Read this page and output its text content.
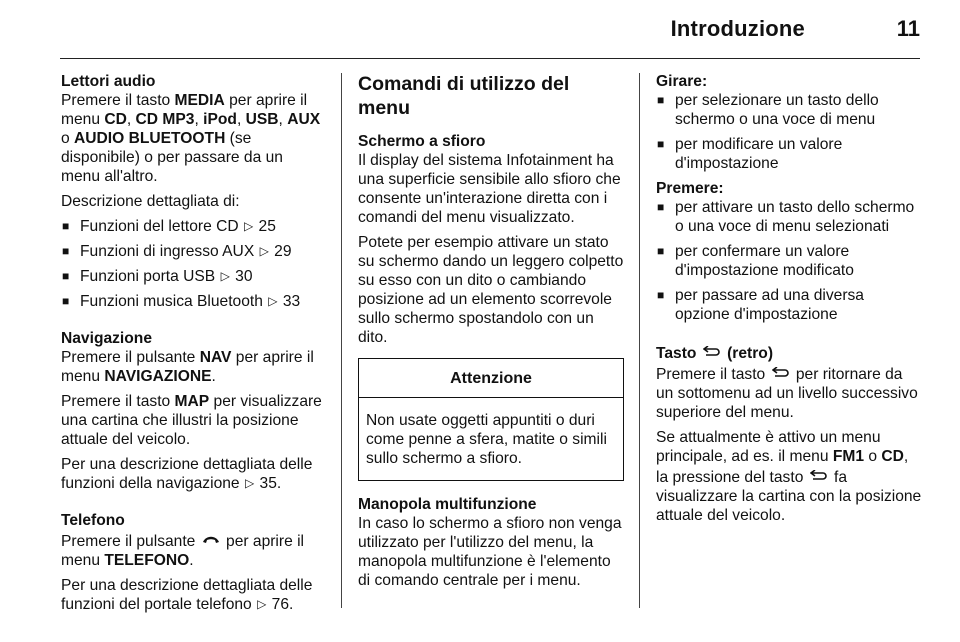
Introduzione	11
Lettori audio

Premere il tasto MEDIA per aprire il menu CD, CD MP3, iPod, USB, AUX o AUDIO BLUETOOTH (se disponibile) o per passare da un menu all'altro.

Descrizione dettagliata di:

■ Funzioni del lettore CD ▷ 25
■ Funzioni di ingresso AUX ▷ 29
■ Funzioni porta USB ▷ 30
■ Funzioni musica Bluetooth ▷ 33
Navigazione

Premere il pulsante NAV per aprire il menu NAVIGAZIONE.

Premere il tasto MAP per visualizzare una cartina che illustri la posizione attuale del veicolo.

Per una descrizione dettagliata delle funzioni della navigazione ▷ 35.

Telefono

Premere il pulsante  per aprire il menu TELEFONO.

Per una descrizione dettagliata delle funzioni del portale telefono ▷ 76.

Comandi di utilizzo del menu
Schermo a sfioro

Il display del sistema Infotainment ha una superficie sensibile allo sfioro che consente un'interazione diretta con i comandi del menu visualizzato.

Potete per esempio attivare un stato su schermo dando un leggero colpetto su esso con un dito o cambiando posizione ad un elemento scorrevole sullo schermo spostandolo con un dito.

Attenzione
Non usate oggetti appuntiti o duri come penne a sfera, matite o simili sullo schermo a sfioro.
Manopola multifunzione

In caso lo schermo a sfioro non venga utilizzato per l'utilizzo del menu, la manopola multifunzione è l'elemento di comando centrale per i menu.

Girare:
■ per selezionare un tasto dello schermo o una voce di menu
■ per modificare un valore d'impostazione
Premere:
■ per attivare un tasto dello schermo o una voce di menu selezionati
■ per confermare un valore d'impostazione modificato
■ per passare ad una diversa opzione d'impostazione
Tasto  (retro)

Premere il tasto  per ritornare da un sottomenu ad un livello successivo superiore del menu.

Se attualmente è attivo un menu principale, ad es. il menu FM1 o CD, la pressione del tasto  fa visualizzare la cartina con la posizione attuale del veicolo.
